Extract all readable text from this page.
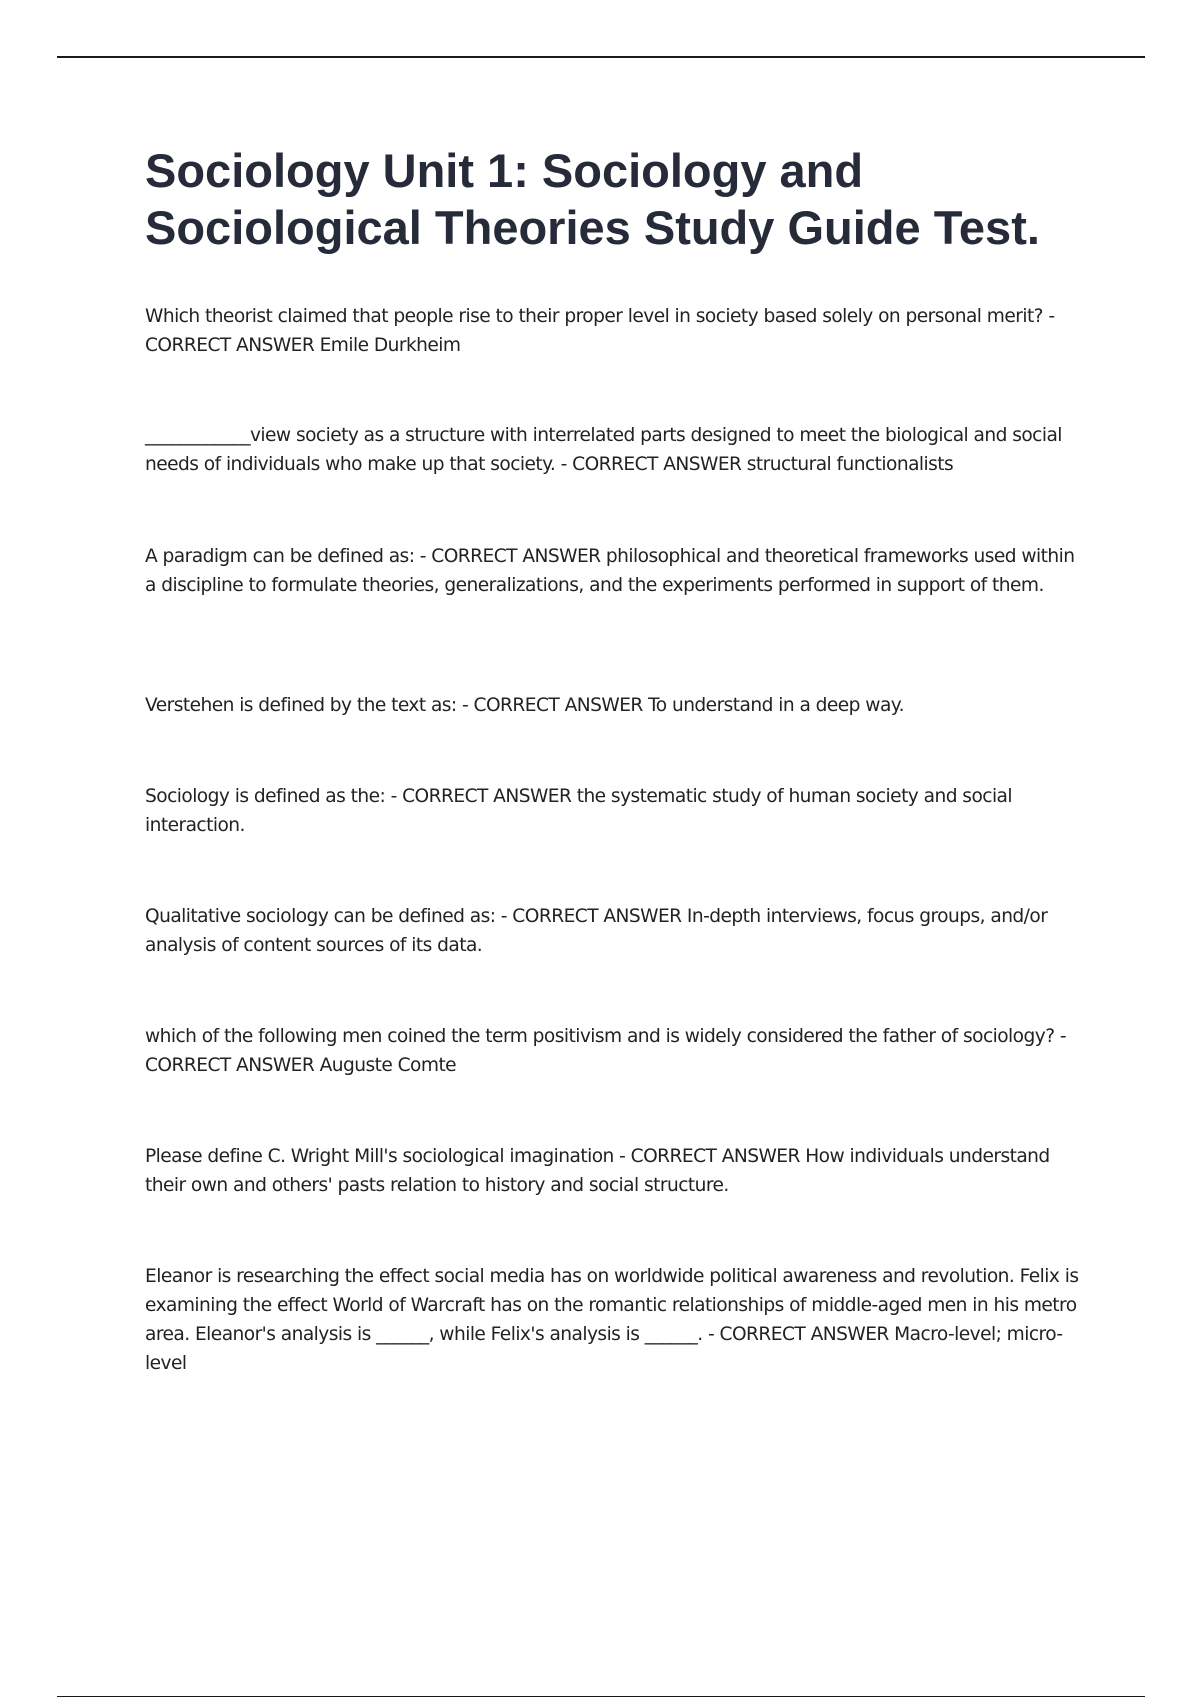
Sociology Unit 1: Sociology and Sociological Theories Study Guide Test.

Which theorist claimed that people rise to their proper level in society based solely on personal merit? - CORRECT ANSWER Emile Durkheim

____________view society as a structure with interrelated parts designed to meet the biological and social needs of individuals who make up that society. - CORRECT ANSWER structural functionalists

A paradigm can be defined as: - CORRECT ANSWER philosophical and theoretical frameworks used within a discipline to formulate theories, generalizations, and the experiments performed in support of them.

Verstehen is defined by the text as: - CORRECT ANSWER To understand in a deep way.

Sociology is defined as the: - CORRECT ANSWER the systematic study of human society and social interaction.

Qualitative sociology can be defined as: - CORRECT ANSWER In-depth interviews, focus groups, and/or analysis of content sources of its data.

which of the following men coined the term positivism and is widely considered the father of sociology? - CORRECT ANSWER Auguste Comte

Please define C. Wright Mill's sociological imagination - CORRECT ANSWER How individuals understand their own and others' pasts relation to history and social structure.

Eleanor is researching the effect social media has on worldwide political awareness and revolution. Felix is examining the effect World of Warcraft has on the romantic relationships of middle-aged men in his metro area. Eleanor's analysis is ______, while Felix's analysis is ______. - CORRECT ANSWER Macro-level; micro-level
